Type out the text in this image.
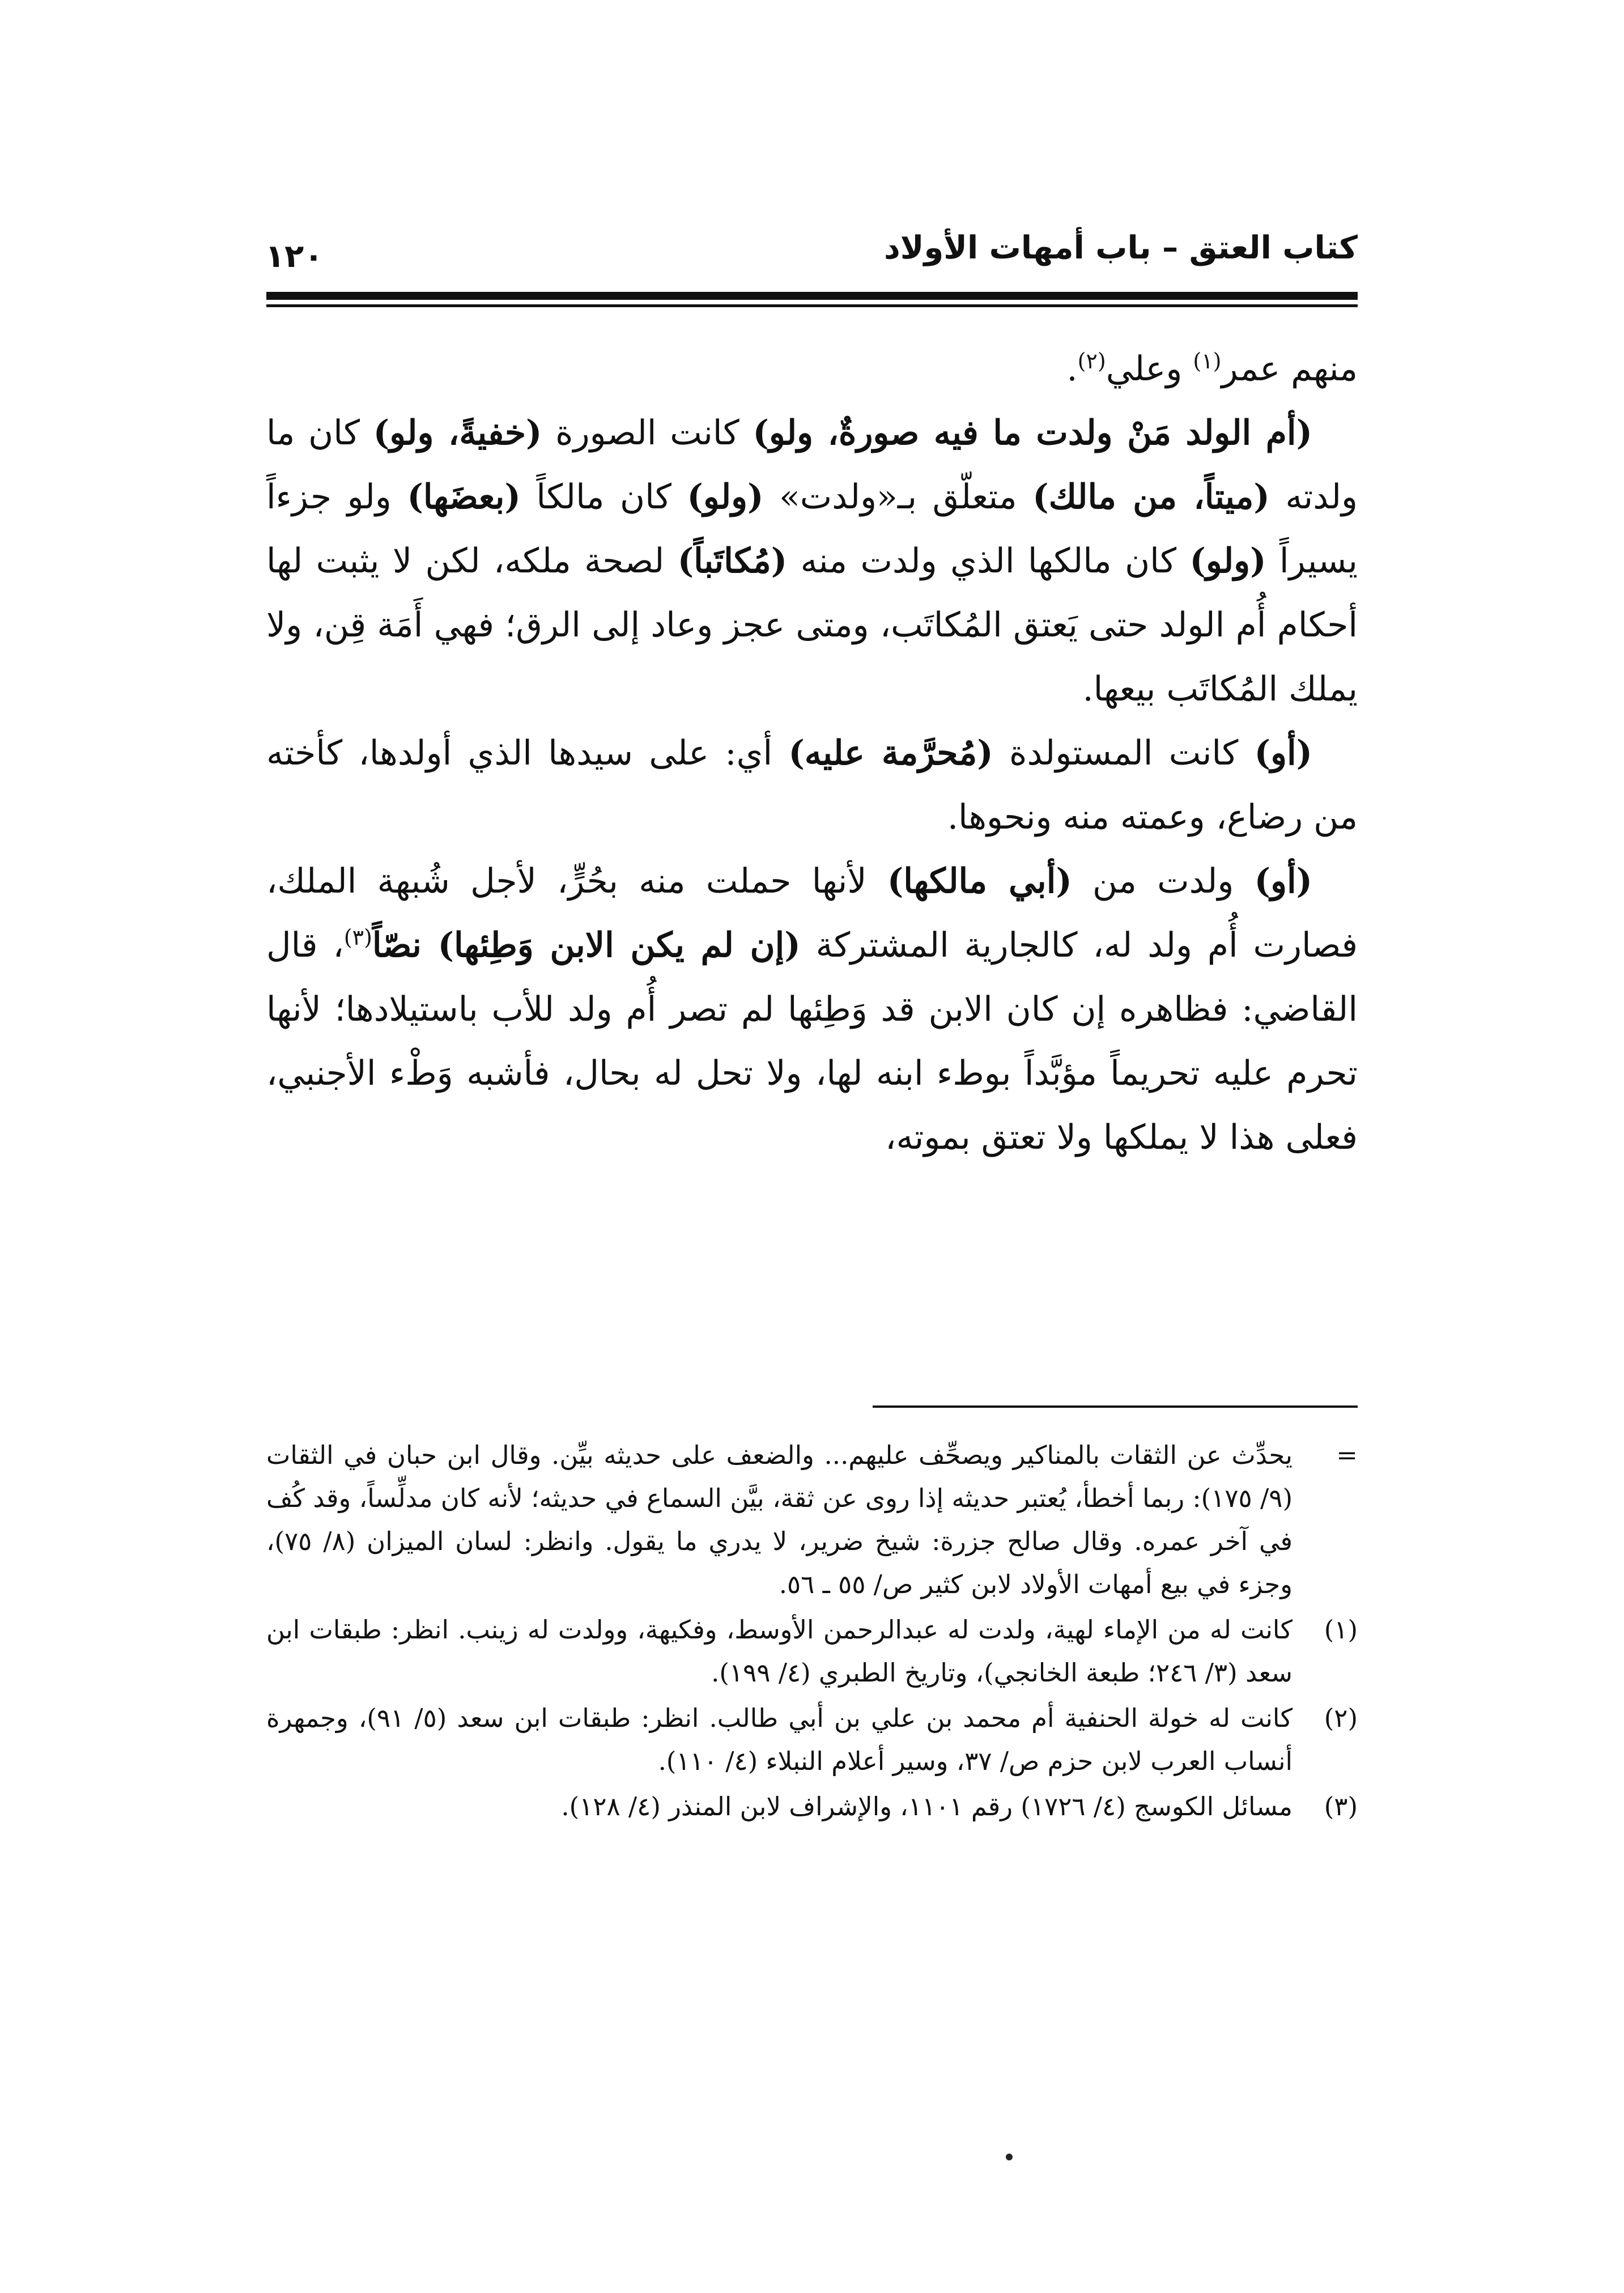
كتاب العتق – باب أمهات الأولاد
١٢٠

منهم عمر$^{(١)}$ وعلي$^{(٢)}$.

(أم الولد مَنْ ولدت ما فيه صورةٌ، ولو) كانت الصورة (خفيةً، ولو) كان ما ولدته (ميتاً، من مالك) متعلّق بـ«ولدت» (ولو) كان مالكاً (بعضَها) ولو جزءاً يسيراً (ولو) كان مالكها الذي ولدت منه (مُكاتَباً) لصحة ملكه، لكن لا يثبت لها أحكام أُم الولد حتى يَعتق المُكاتَب، ومتى عجز وعاد إلى الرق؛ فهي أَمَة قِن، ولا يملك المُكاتَب بيعها.

(أو) كانت المستولدة (مُحرَّمة عليه) أي: على سيدها الذي أولدها، كأخته من رضاع، وعمته منه ونحوها.

(أو) ولدت من (أبي مالكها) لأنها حملت منه بحُرٍّ، لأجل شُبهة الملك، فصارت أُم ولد له، كالجارية المشتركة (إن لم يكن الابن وَطِئها) نصّاً$^{(٣)}$، قال القاضي: فظاهره إن كان الابن قد وَطِئها لم تصر أُم ولد للأب باستيلادها؛ لأنها تحرم عليه تحريماً مؤبَّداً بوطء ابنه لها، ولا تحل له بحال، فأشبه وَطْء الأجنبي، فعلى هذا لا يملكها ولا تعتق بموته،

=

يحدِّث عن الثقات بالمناكير ويصحِّف عليهم... والضعف على حديثه بيِّن. وقال ابن حبان في الثقات (٩/ ١٧٥): ربما أخطأ، يُعتبر حديثه إذا روى عن ثقة، بيَّن السماع في حديثه؛ لأنه كان مدلِّساً، وقد كُف في آخر عمره. وقال صالح جزرة: شيخ ضرير، لا يدري ما يقول. وانظر: لسان الميزان (٨/ ٧٥)، وجزء في بيع أمهات الأولاد لابن كثير ص/ ٥٥ ـ ٥٦.

(١)

كانت له من الإماء لهية، ولدت له عبدالرحمن الأوسط، وفكيهة، وولدت له زينب. انظر: طبقات ابن سعد (٣/ ٢٤٦؛ طبعة الخانجي)، وتاريخ الطبري (٤/ ١٩٩).

(٢)

كانت له خولة الحنفية أم محمد بن علي بن أبي طالب. انظر: طبقات ابن سعد (٥/ ٩١)، وجمهرة أنساب العرب لابن حزم ص/ ٣٧، وسير أعلام النبلاء (٤/ ١١٠).

(٣)

مسائل الكوسج (٤/ ١٧٢٦) رقم ١١٠١، والإشراف لابن المنذر (٤/ ١٢٨).
